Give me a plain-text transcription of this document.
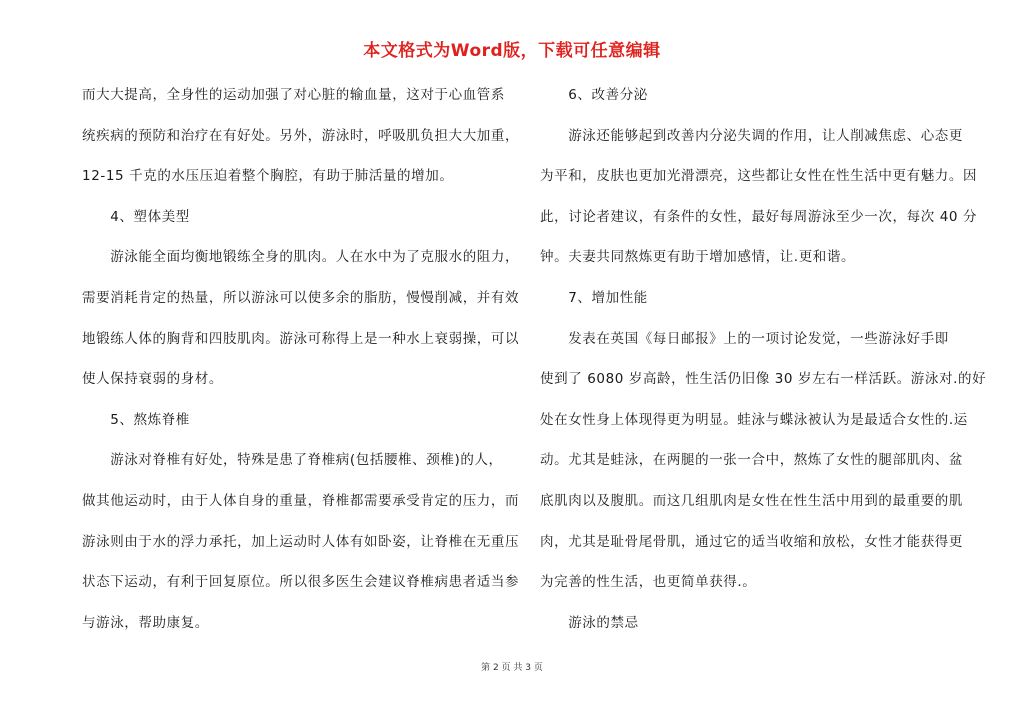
本文格式为Word版，下载可任意编辑
而大大提高，全身性的运动加强了对心脏的输血量，这对于心血管系
统疾病的预防和治疗在有好处。另外，游泳时，呼吸肌负担大大加重，
12-15 千克的水压压迫着整个胸腔，有助于肺活量的增加。
　　4、塑体美型
　　游泳能全面均衡地锻练全身的肌肉。人在水中为了克服水的阻力，
需要消耗肯定的热量，所以游泳可以使多余的脂肪，慢慢削减，并有效
地锻练人体的胸背和四肢肌肉。游泳可称得上是一种水上衰弱操，可以
使人保持衰弱的身材。
　　5、熬炼脊椎
　　游泳对脊椎有好处，特殊是患了脊椎病(包括腰椎、颈椎)的人，
做其他运动时，由于人体自身的重量，脊椎都需要承受肯定的压力，而
游泳则由于水的浮力承托，加上运动时人体有如卧姿，让脊椎在无重压
状态下运动，有利于回复原位。所以很多医生会建议脊椎病患者适当参
与游泳，帮助康复。
　　6、改善分泌
　　游泳还能够起到改善内分泌失调的作用，让人削减焦虑、心态更
为平和，皮肤也更加光滑漂亮，这些都让女性在性生活中更有魅力。因
此，讨论者建议，有条件的女性，最好每周游泳至少一次，每次 40 分
钟。夫妻共同熬炼更有助于增加感情，让.更和谐。
　　7、增加性能
　　发表在英国《每日邮报》上的一项讨论发觉，一些游泳好手即
使到了 6080 岁高龄，性生活仍旧像 30 岁左右一样活跃。游泳对.的好
处在女性身上体现得更为明显。蛙泳与蝶泳被认为是最适合女性的.运
动。尤其是蛙泳，在两腿的一张一合中，熬炼了女性的腿部肌肉、盆
底肌肉以及腹肌。而这几组肌肉是女性在性生活中用到的最重要的肌
肉，尤其是耻骨尾骨肌，通过它的适当收缩和放松，女性才能获得更
为完善的性生活，也更简单获得.。
　　游泳的禁忌
第 2 页 共 3 页
